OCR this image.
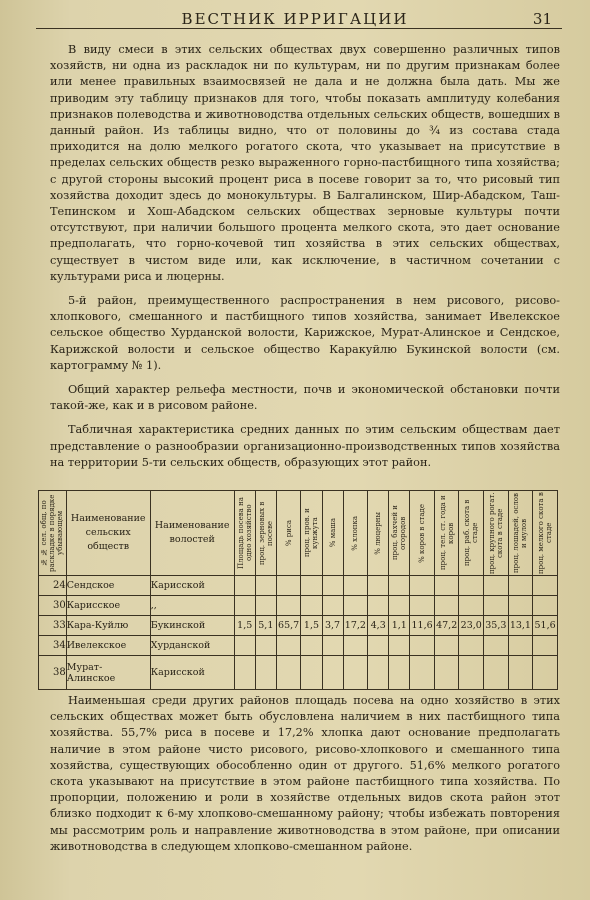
ВЕСТНИК ИРРИГАЦИИ	31

В виду смеси в этих сельских обществах двух совершенно различных типов хозяйств, ни одна из раскладок ни по культурам, ни по другим признакам более или менее правильных взаимосвязей не дала и не должна была дать. Мы же приводим эту таблицу признаков для того, чтобы показать амплитуду колебания признаков полеводства и животноводства отдельных сельских обществ, вошедших в данный район. Из таблицы видно, что от половины до ¾ из состава стада приходится на долю мелкого рогатого скота, что указывает на присутствие в пределах сельских обществ резко выраженного горно-пастбищного типа хозяйства; с другой стороны высокий процент риса в посеве говорит за то, что рисовый тип хозяйства доходит здесь до монокультуры. В Балгалинском, Шир-Абадском, Таш-Тепинском и Хош-Абадском сельских обществах зерновые культуры почти отсутствуют, при наличии большого процента мелкого скота, это дает основание предполагать, что горно-кочевой тип хозяйства в этих сельских обществах, существует в чистом виде или, как исключение, в частичном сочетании с культурами риса и люцерны.

5-й район, преимущественного распространения в нем рисового, рисово-хлопкового, смешанного и пастбищного типов хозяйства, занимает Ивелекское сельское общество Хурданской волости, Карижское, Мурат-Алинское и Сендское, Карижской волости и сельское общество Каракуйлю Букинской волости (см. картограмму № 1).

Общий характер рельефа местности, почв и экономической обстановки почти такой-же, как и в рисовом районе.

Табличная характеристика средних данных по этим сельским обществам дает представление о разнообразии организационно-производственных типов хозяйства на территории 5-ти сельских обществ, образующих этот район.

№ № сел. общ. по раскладке в порядке убывающем	Наименование сельских обществ	Наименование волостей	Площадь посева на одно хозяйство	проц. зерновых в посеве	% риса	проц. пров. и кунжута	% маша	% хлопка	% люцерны	проц. бахчей и огородов	% коров в стаде	проц. тел. ст. года и коров	проц. раб. скота в стаде	проц. крупного рогат. скота в стаде	проц. лошадей, ослов и мулов	проц. мелкого скота в стаде

24	Сендское	Карисской														
30	Карисское	,,														
33	Кара-Куйлю	Букинской	1,5	5,1	65,7	1,5	3,7	17,2	4,3	1,1	11,6	47,2	23,0	35,3	13,1	51,6
34	Ивелекское	Хурданской														
38	Мурат-Алинское	Карисской														

Наименьшая среди других районов площадь посева на одно хозяйство в этих сельских обществах может быть обусловлена наличием в них пастбищного типа хозяйства. 55,7% риса в посеве и 17,2% хлопка дают основание предполагать наличие в этом районе чисто рисового, рисово-хлопкового и смешанного типа хозяйства, существующих обособленно один от другого. 51,6% мелкого рогатого скота указывают на присутствие в этом районе пастбищного типа хозяйства. По пропорции, положению и роли в хозяйстве отдельных видов скота район этот близко подходит к 6-му хлопково-смешанному району; чтобы избежать повторения мы рассмотрим роль и направление животноводства в этом районе, при описании животноводства в следующем хлопково-смешанном районе.
